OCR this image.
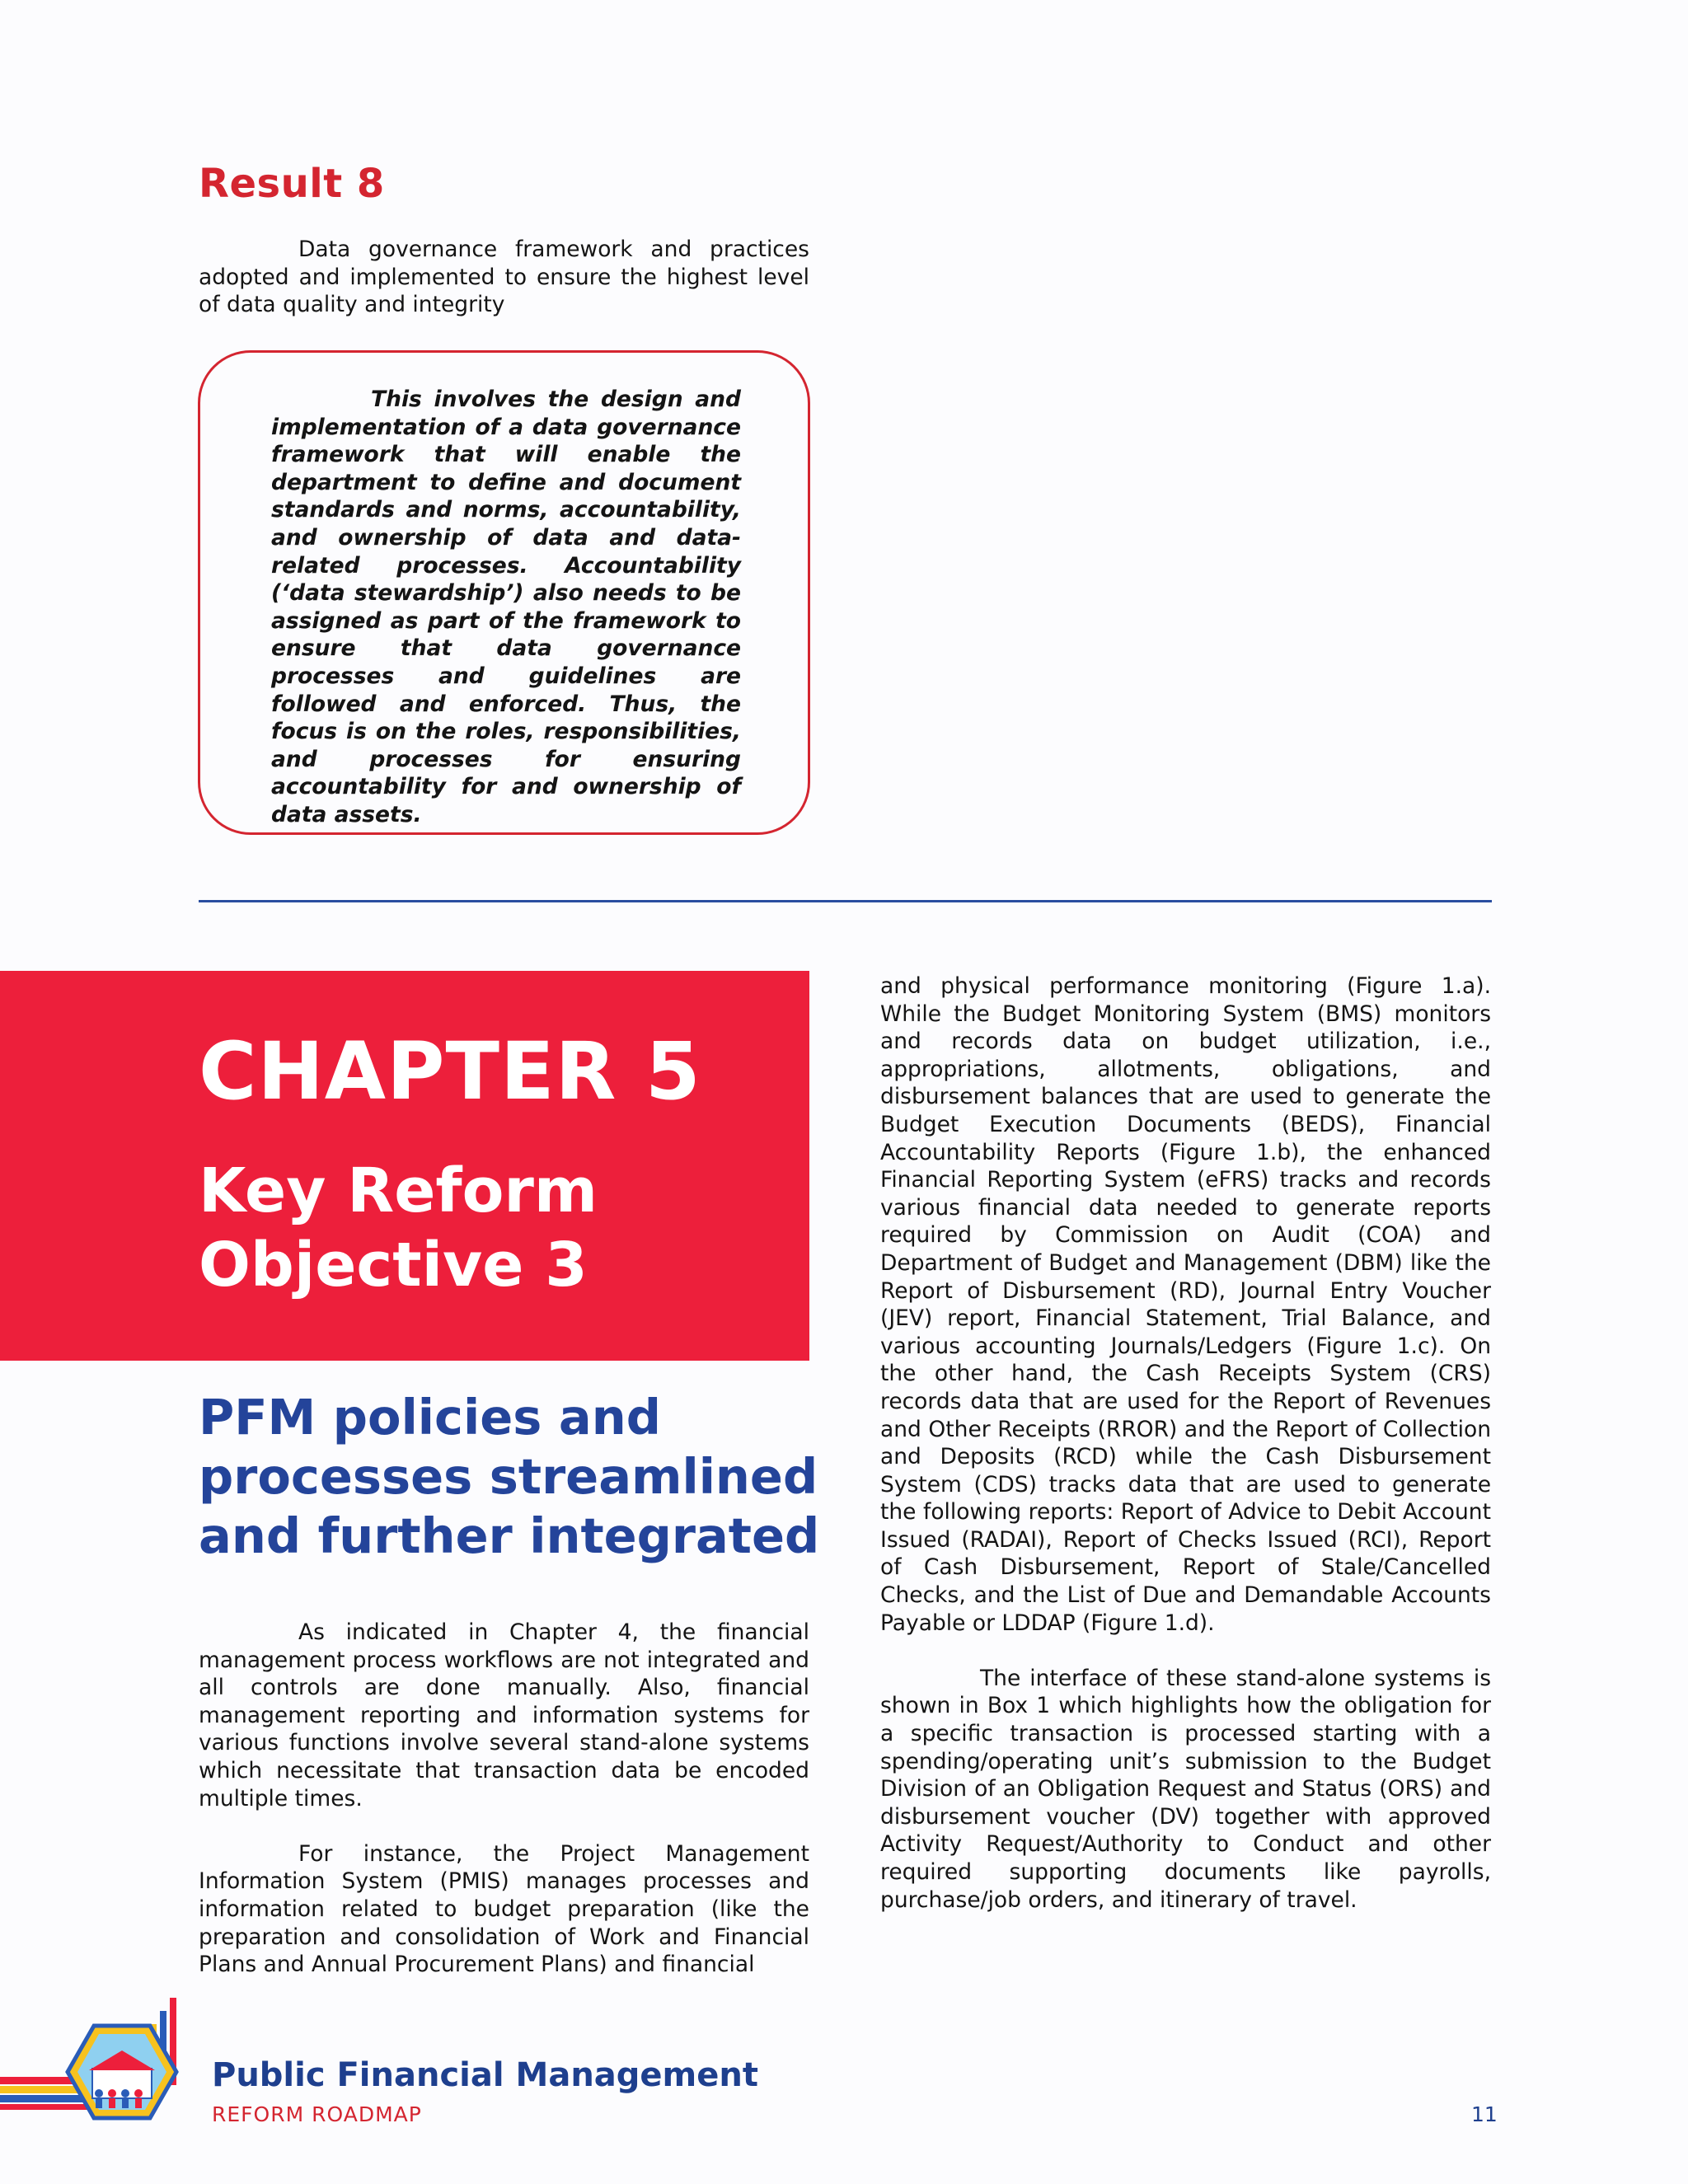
Result 8
Data governance framework and practices adopted and implemented to ensure the highest level of data quality and integrity
This involves the design and implementation of a data governance framework that will enable the department to define and document standards and norms, accountability, and ownership of data and data-related processes. Accountability (‘data stewardship’) also needs to be assigned as part of the framework to ensure that data governance processes and guidelines are followed and enforced. Thus, the focus is on the roles, responsibilities, and processes for ensuring accountability for and ownership of data assets.
CHAPTER 5
Key Reform Objective 3
PFM policies and processes streamlined and further integrated

As indicated in Chapter 4, the financial management process workflows are not integrated and all controls are done manually. Also, financial management reporting and information systems for various functions involve several stand-alone systems which necessitate that transaction data be encoded multiple times.

For instance, the Project Management Information System (PMIS) manages processes and information related to budget preparation (like the preparation and consolidation of Work and Financial Plans and Annual Procurement Plans) and financial

and physical performance monitoring (Figure 1.a). While the Budget Monitoring System (BMS) monitors and records data on budget utilization, i.e., appropriations, allotments, obligations, and disbursement balances that are used to generate the Budget Execution Documents (BEDS), Financial Accountability Reports (Figure 1.b), the enhanced Financial Reporting System (eFRS) tracks and records various financial data needed to generate reports required by Commission on Audit (COA) and Department of Budget and Management (DBM) like the Report of Disbursement (RD), Journal Entry Voucher (JEV) report, Financial Statement, Trial Balance, and various accounting Journals/Ledgers (Figure 1.c). On the other hand, the Cash Receipts System (CRS) records data that are used for the Report of Revenues and Other Receipts (RROR) and the Report of Collection and Deposits (RCD) while the Cash Disbursement System (CDS) tracks data that are used to generate the following reports: Report of Advice to Debit Account Issued (RADAI), Report of Checks Issued (RCI), Report of Cash Disbursement, Report of Stale/Cancelled Checks, and the List of Due and Demandable Accounts Payable or LDDAP (Figure 1.d).

The interface of these stand-alone systems is shown in Box 1 which highlights how the obligation for a specific transaction is processed starting with a spending/operating unit’s submission to the Budget Division of an Obligation Request and Status (ORS) and disbursement voucher (DV) together with approved Activity Request/Authority to Conduct and other required supporting documents like payrolls, purchase/job orders, and itinerary of travel.

Public Financial Management
REFORM ROADMAP	11
